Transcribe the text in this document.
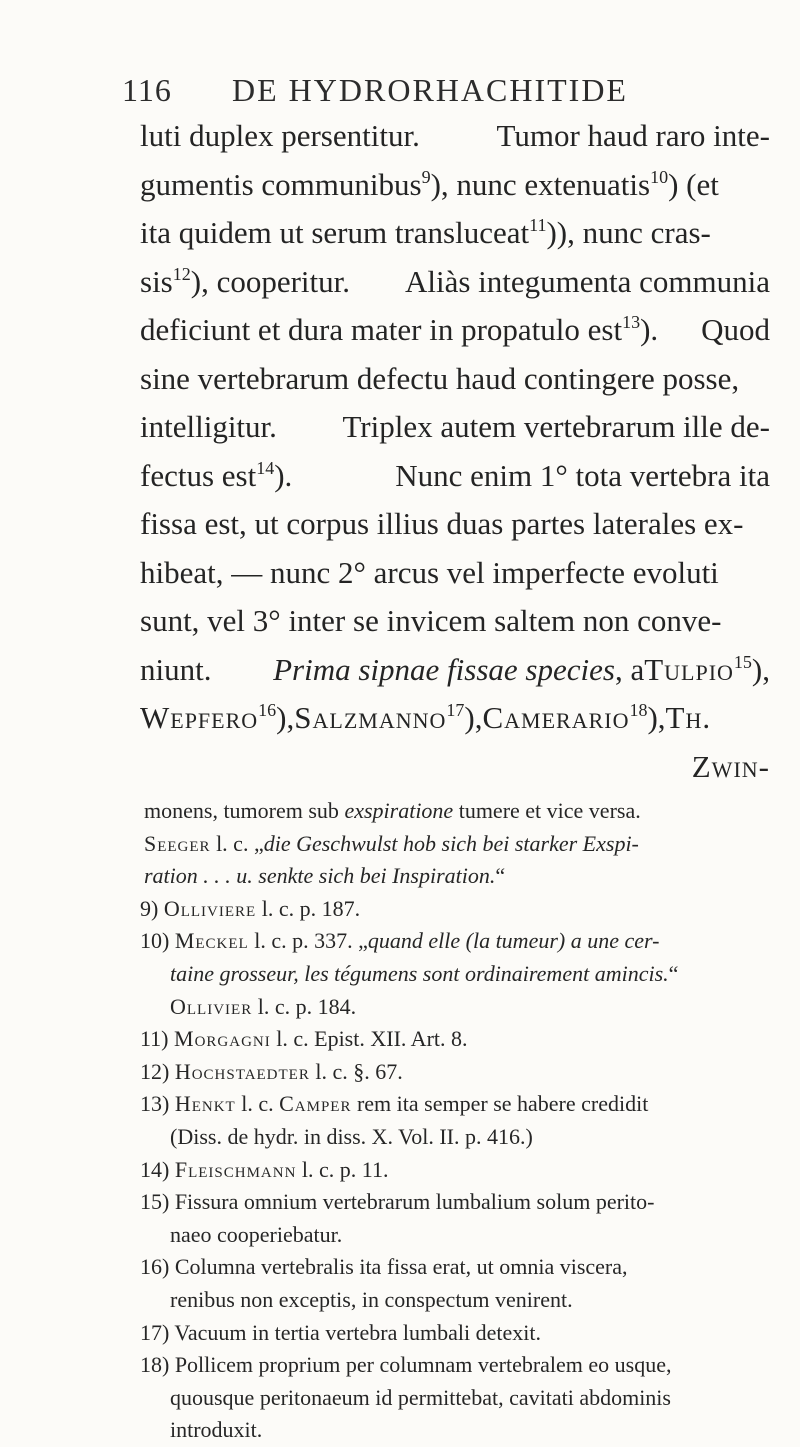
116 DE HYDRORHACHITIDE
luti duplex persentitur. Tumor haud raro inte-
gumentis communibus$^9$), nunc extenuatis$^{10}$) (et
ita quidem ut serum transluceat$^{11}$)), nunc cras-
sis$^{12}$), cooperitur. Aliàs integumenta communia
deficiunt et dura mater in propatulo est$^{13}$). Quod
sine vertebrarum defectu haud contingere posse,
intelligitur. Triplex autem vertebrarum ille de-
fectus est$^{14}$).	Nunc enim 1° tota vertebra ita
fissa est, ut corpus illius duas partes laterales ex-
hibeat, — nunc 2° arcus vel imperfecte evoluti
sunt, vel 3° inter se invicem saltem non conve-
niunt. Prima sipnae fissae species, aTulpio$^{15}$),
Wepfero$^{16}$),Salzmanno$^{17}$),Camerario$^{18}$),Th.
Zwin-
monens, tumorem sub exspiratione tumere et vice versa.
Seeger l. c. „die Geschwulst hob sich bei starker Exspi-
ration . . . u. senkte sich bei Inspiration.“
9) Olliviere l. c. p. 187.
10) Meckel l. c. p. 337. „quand elle (la tumeur) a une cer-
taine grosseur, les tégumens sont ordinairement amincis.“
Ollivier l. c. p. 184.
11) Morgagni l. c. Epist. XII. Art. 8.
12) Hochstaedter l. c. §. 67.
13) Henkt l. c. Camper rem ita semper se habere credidit
(Diss. de hydr. in diss. X. Vol. II. p. 416.)
14) Fleischmann l. c. p. 11.
15) Fissura omnium vertebrarum lumbalium solum perito-
naeo cooperiebatur.
16) Columna vertebralis ita fissa erat, ut omnia viscera,
renibus non exceptis, in conspectum venirent.
17) Vacuum in tertia vertebra lumbali detexit.
18) Pollicem proprium per columnam vertebralem eo usque,
quousque peritonaeum id permittebat, cavitati abdominis
introduxit.
